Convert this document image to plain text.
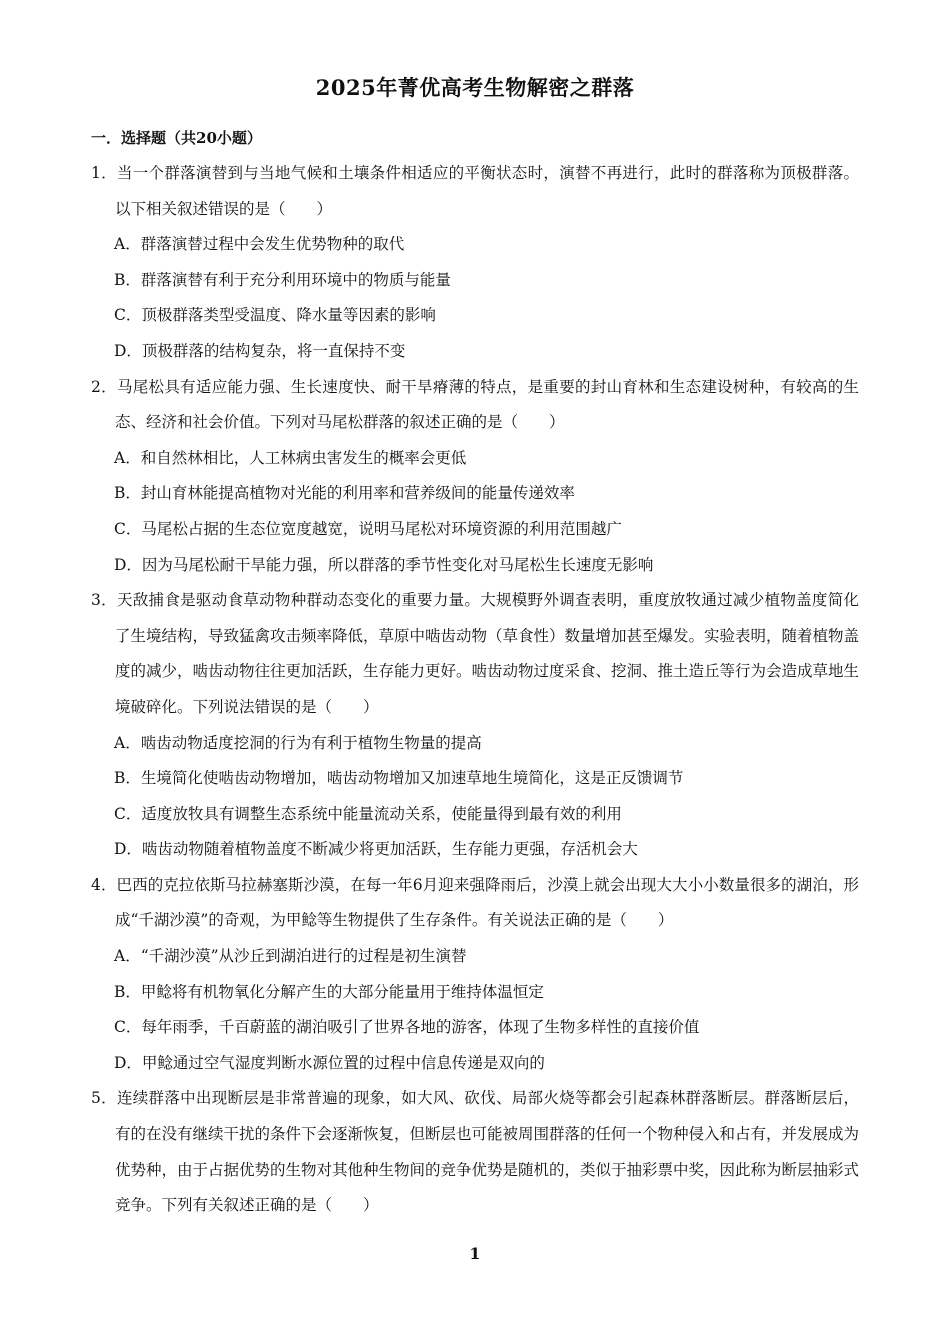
2025年菁优高考生物解密之群落
一．选择题（共20小题）
1．当一个群落演替到与当地气候和土壤条件相适应的平衡状态时，演替不再进行，此时的群落称为顶极群落。以下相关叙述错误的是（　　）
A．群落演替过程中会发生优势物种的取代
B．群落演替有利于充分利用环境中的物质与能量
C．顶极群落类型受温度、降水量等因素的影响
D．顶极群落的结构复杂，将一直保持不变
2．马尾松具有适应能力强、生长速度快、耐干旱瘠薄的特点，是重要的封山育林和生态建设树种，有较高的生态、经济和社会价值。下列对马尾松群落的叙述正确的是（　　）
A．和自然林相比，人工林病虫害发生的概率会更低
B．封山育林能提高植物对光能的利用率和营养级间的能量传递效率
C．马尾松占据的生态位宽度越宽，说明马尾松对环境资源的利用范围越广
D．因为马尾松耐干旱能力强，所以群落的季节性变化对马尾松生长速度无影响
3．天敌捕食是驱动食草动物种群动态变化的重要力量。大规模野外调查表明，重度放牧通过减少植物盖度简化了生境结构，导致猛禽攻击频率降低，草原中啮齿动物（草食性）数量增加甚至爆发。实验表明，随着植物盖度的减少，啮齿动物往往更加活跃，生存能力更好。啮齿动物过度采食、挖洞、推土造丘等行为会造成草地生境破碎化。下列说法错误的是（　　）
A．啮齿动物适度挖洞的行为有利于植物生物量的提高
B．生境简化使啮齿动物增加，啮齿动物增加又加速草地生境简化，这是正反馈调节
C．适度放牧具有调整生态系统中能量流动关系，使能量得到最有效的利用
D．啮齿动物随着植物盖度不断减少将更加活跃，生存能力更强，存活机会大
4．巴西的克拉依斯马拉赫塞斯沙漠，在每一年6月迎来强降雨后，沙漠上就会出现大大小小数量很多的湖泊，形成“千湖沙漠”的奇观，为甲鲶等生物提供了生存条件。有关说法正确的是（　　）
A．“千湖沙漠”从沙丘到湖泊进行的过程是初生演替
B．甲鲶将有机物氧化分解产生的大部分能量用于维持体温恒定
C．每年雨季，千百蔚蓝的湖泊吸引了世界各地的游客，体现了生物多样性的直接价值
D．甲鲶通过空气湿度判断水源位置的过程中信息传递是双向的
5．连续群落中出现断层是非常普遍的现象，如大风、砍伐、局部火烧等都会引起森林群落断层。群落断层后，有的在没有继续干扰的条件下会逐渐恢复，但断层也可能被周围群落的任何一个物种侵入和占有，并发展成为优势种，由于占据优势的生物对其他种生物间的竞争优势是随机的，类似于抽彩票中奖，因此称为断层抽彩式竞争。下列有关叙述正确的是（　　）
1
